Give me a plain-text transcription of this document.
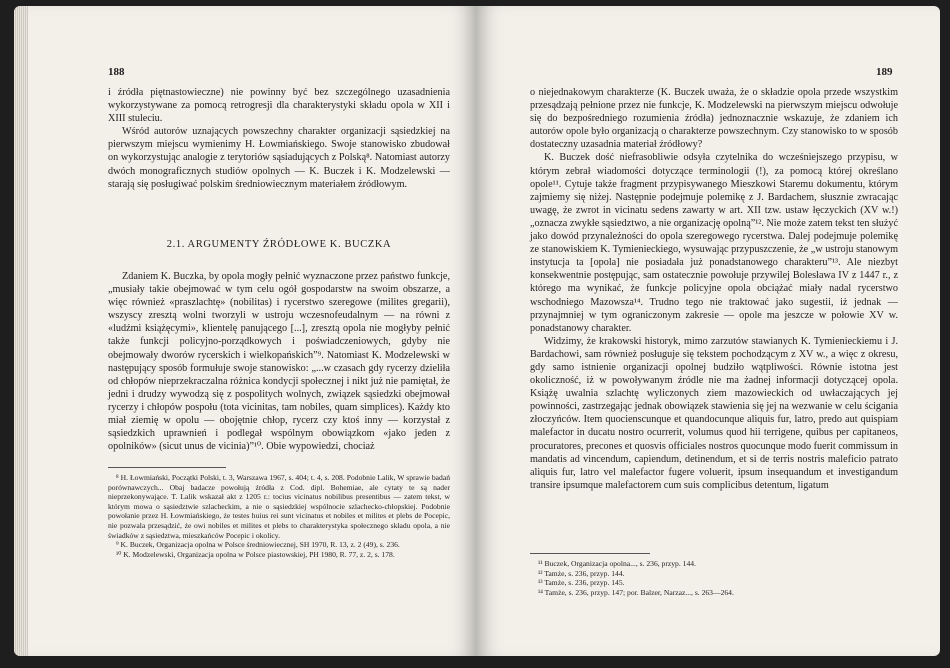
188

i źródła piętnastowieczne) nie powinny być bez szczególnego uzasadnienia wykorzystywane za pomocą retrogresji dla charakterystyki składu opola w XII i XIII stuleciu.

Wśród autorów uznających powszechny charakter organizacji sąsiedzkiej na pierwszym miejscu wymienimy H. Łowmiańskiego. Swoje stanowisko zbudował on wykorzystując analogie z terytoriów sąsiadujących z Polską⁸. Natomiast autorzy dwóch monograficznych studiów opolnych — K. Buczek i K. Modzelewski — starają się posługiwać polskim średniowiecznym materiałem źródłowym.

2.1. ARGUMENTY ŹRÓDŁOWE K. BUCZKA

Zdaniem K. Buczka, by opola mogły pełnić wyznaczone przez państwo funkcje, „musiały takie obejmować w tym celu ogół gospodarstw na swoim obszarze, a więc również «praszlachtę» (nobilitas) i rycerstwo szeregowe (milites gregarii), wszyscy zresztą wolni tworzyli w ustroju wczesnofeudalnym — na równi z «ludźmi książęcymi», klientelę panującego [...], zresztą opola nie mogłyby pełnić także funkcji policyjno-porządkowych i poświadczeniowych, gdyby nie obejmowały dworów rycerskich i wielkopańskich”⁹. Natomiast K. Modzelewski w następujący sposób formułuje swoje stanowisko: „...w czasach gdy rycerzy dzieliła od chłopów nieprzekraczalna różnica kondycji społecznej i nikt już nie pamiętał, że jedni i drudzy wywodzą się z pospolitych wolnych, związek sąsiedzki obejmował rycerzy i chłopów pospołu (tota vicinitas, tam nobiles, quam simplices). Każdy kto miał ziemię w opolu — obojętnie chłop, rycerz czy ktoś inny — korzystał z sąsiedzkich uprawnień i podlegał wspólnym obowiązkom «jako jeden z opolników» (sicut unus de vicinia)”¹⁰. Obie wypowiedzi, chociaż

⁸ H. Łowmiański, Początki Polski, t. 3, Warszawa 1967, s. 404; t. 4, s. 208. Podobnie Lalik, W sprawie badań porównawczych... Obaj badacze powołują źródła z Cod. dipl. Bohemiae, ale cytaty te są nader nieprzekonywające. T. Lalik wskazał akt z 1205 r.: tocius vicinatus nobilibus presentibus — zatem tekst, w którym mowa o sąsiedztwie szlacheckim, a nie o sąsiedzkiej wspólnocie szlachecko-chłopskiej. Podobnie powołanie przez H. Łowmiańskiego, że testes huius rei sunt vicinatus et nobiles et milites et plebs de Pocepic, nie pozwala przesądzić, że owi nobiles et milites et plebs to charakterystyka społecznego składu opola, a nie świadków z sąsiedztwa, mieszkańców Pocepic i okolicy.

⁹ K. Buczek, Organizacja opolna w Polsce średniowiecznej, SH 1970, R. 13, z. 2 (49), s. 236.

¹⁰ K. Modzelewski, Organizacja opolna w Polsce piastowskiej, PH 1980, R. 77, z. 2, s. 178.

189

o niejednakowym charakterze (K. Buczek uważa, że o składzie opola przede wszystkim przesądzają pełnione przez nie funkcje, K. Modzelewski na pierwszym miejscu odwołuje się do bezpośredniego rozumienia źródła) jednoznacznie wskazuje, że zdaniem ich autorów opole było organizacją o charakterze powszechnym. Czy stanowisko to w sposób dostateczny uzasadnia materiał źródłowy?

K. Buczek dość niefrasobliwie odsyła czytelnika do wcześniejszego przypisu, w którym zebrał wiadomości dotyczące terminologii (!), za pomocą której określano opole¹¹. Cytuje także fragment przypisywanego Mieszkowi Staremu dokumentu, którym zajmiemy się niżej. Następnie podejmuje polemikę z J. Bardachem, słusznie zwracając uwagę, że zwrot in vicinatu sedens zawarty w art. XII tzw. ustaw łęczyckich (XV w.!) „oznacza zwykłe sąsiedztwo, a nie organizację opolną”¹². Nie może zatem tekst ten służyć jako dowód przynależności do opola szeregowego rycerstwa. Dalej podejmuje polemikę ze stanowiskiem K. Tymienieckiego, wysuwając przypuszczenie, że „w ustroju stanowym instytucja ta [opola] nie posiadała już ponadstanowego charakteru”¹³. Ale niezbyt konsekwentnie postępując, sam ostatecznie powołuje przywilej Bolesława IV z 1447 r., z którego ma wynikać, że funkcje policyjne opola obciążać miały nadal rycerstwo wschodniego Mazowsza¹⁴. Trudno tego nie traktować jako sugestii, iż jednak — przynajmniej w tym ograniczonym zakresie — opole ma jeszcze w połowie XV w. ponadstanowy charakter.

Widzimy, że krakowski historyk, mimo zarzutów stawianych K. Tymienieckiemu i J. Bardachowi, sam również posługuje się tekstem pochodzącym z XV w., a więc z okresu, gdy samo istnienie organizacji opolnej budziło wątpliwości. Równie istotna jest okoliczność, iż w powoływanym źródle nie ma żadnej informacji dotyczącej opola. Książę uwalnia szlachtę wyliczonych ziem mazowieckich od uwłaczających jej powinności, zastrzegając jednak obowiązek stawienia się jej na wezwanie w celu ścigania złoczyńców. Item quocienscunque et quandocunque aliquis fur, latro, predo aut quispiam malefactor in ducatu nostro ocurrerit, volumus quod hii terrigene, quibus per capitaneos, procuratores, precones et quosvis officiales nostros quocunque modo fuerit commissum in mandatis ad vincendum, capiendum, detinendum, et si de terris nostris maleficio patrato aliquis fur, latro vel malefactor fugere voluerit, ipsum insequandum et investigandum transire ipsumque malefactorem cum suis complicibus detentum, ligatum

¹¹ Buczek, Organizacja opolna..., s. 236, przyp. 144.

¹² Tamże, s. 236, przyp. 144.

¹³ Tamże, s. 236, przyp. 145.

¹⁴ Tamże, s. 236, przyp. 147; por. Balzer, Narzaz..., s. 263—264.
